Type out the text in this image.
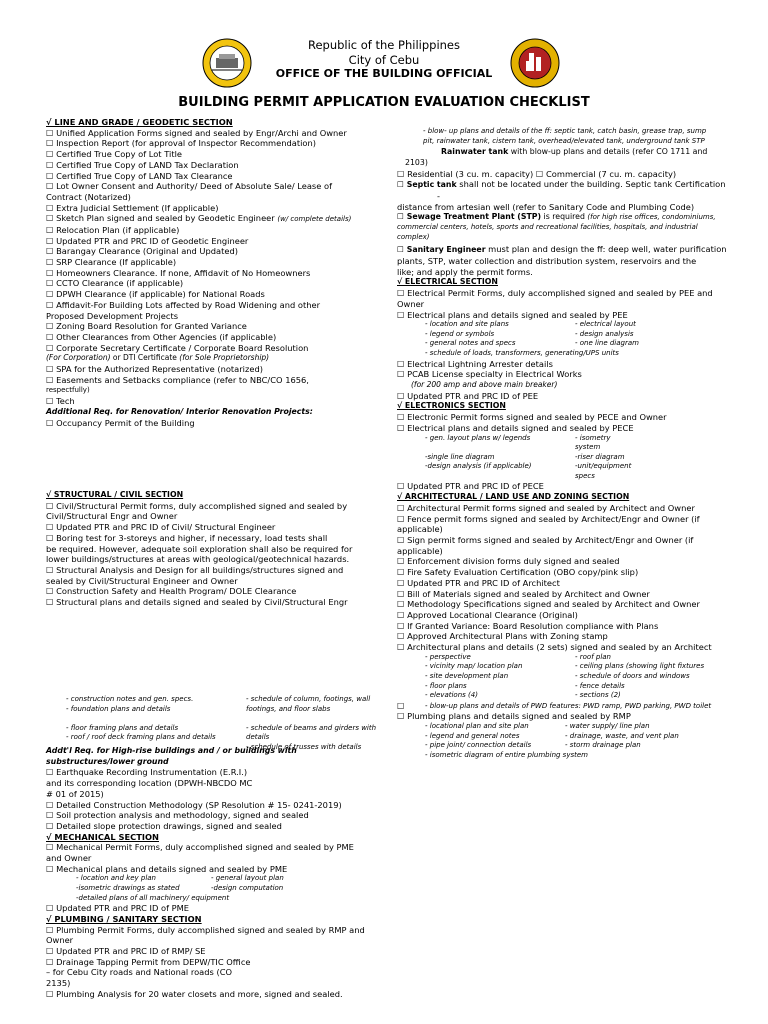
Republic of the Philippines
City of Cebu
OFFICE OF THE BUILDING OFFICIAL
BUILDING PERMIT APPLICATION EVALUATION CHECKLIST
√ LINE AND GRADE / GEODETIC SECTION
☐ Unified Application Forms signed and sealed by Engr/Archi and Owner
☐ Inspection Report (for approval of Inspector Recommendation)
☐ Certified True Copy of Lot Title
☐ Certified True Copy of LAND Tax Declaration
☐ Certified True Copy of LAND Tax Clearance
☐ Lot Owner Consent and Authority/ Deed of Absolute Sale/ Lease of
Contract (Notarized)
☐ Extra Judicial Settlement (If applicable)
☐ Sketch Plan signed and sealed by Geodetic Engineer (w/ complete details)
☐ Relocation Plan (if applicable)
☐ Updated PTR and PRC ID of Geodetic Engineer
☐ Barangay Clearance (Original and Updated)
☐ SRP Clearance (If applicable)
☐ Homeowners Clearance. If none, Affidavit of No Homeowners
☐ CCTO Clearance (if applicable)
☐ DPWH Clearance (if applicable) for National Roads
☐ Affidavit-For Building Lots affected by Road Widening and other
Proposed Development Projects
☐ Zoning Board Resolution for Granted Variance
☐ Other Clearances from Other Agencies (if applicable)
☐ Corporate Secretary Certificate / Corporate Board Resolution
(For Corporation) or DTI Certificate (for Sole Proprietorship)
☐ SPA for the Authorized Representative (notarized)
☐ Easements and Setbacks compliance (refer to NBC/CO 1656,
respectfully)
☐ Tech
Additional Req. for Renovation/ Interior Renovation Projects:
☐ Occupancy Permit of the Building
√ STRUCTURAL / CIVIL SECTION
☐ Civil/Structural Permit forms, duly accomplished signed and sealed by
Civil/Structural Engr and Owner
☐ Updated PTR and PRC ID of Civil/ Structural Engineer
☐ Boring test for 3-storeys and higher, if necessary, load tests shall
be required. However, adequate soil exploration shall also be required for
lower buildings/structures at areas with geological/geotechnical hazards.
☐ Structural Analysis and Design for all buildings/structures signed and
sealed by Civil/Structural Engineer and Owner
☐ Construction Safety and Health Program/ DOLE Clearance
☐ Structural plans and details signed and sealed by Civil/Structural Engr
- construction notes and gen. specs.
- foundation plans and details

- floor framing plans and details
- roof / roof deck framing plans and details
- schedule of column, footings, wall
footings, and floor slabs

- schedule of beams and girders with
details
- schedule of trusses with details
Addt'l Req. for High-rise buildings and / or buildings with
substructures/lower ground
☐ Earthquake Recording Instrumentation (E.R.I.)
and its corresponding location (DPWH-NBCDO MC
# 01 of 2015)
☐ Detailed Construction Methodology (SP Resolution # 15- 0241-2019)
☐ Soil protection analysis and methodology, signed and sealed
☐ Detailed slope protection drawings, signed and sealed
√ MECHANICAL SECTION
☐ Mechanical Permit Forms, duly accomplished signed and sealed by PME
and Owner
☐ Mechanical plans and details signed and sealed by PME
- location and key plan
-isometric drawings as stated
-detailed plans of all machinery/ equipment
- general layout plan
-design computation

☐ Updated PTR and PRC ID of PME
√ PLUMBING / SANITARY SECTION
☐ Plumbing Permit Forms, duly accomplished signed and sealed by RMP and
Owner
☐ Updated PTR and PRC ID of RMP/ SE
☐ Drainage Tapping Permit from DEPW/TIC Office
– for Cebu City roads and National roads (CO
2135)
☐ Plumbing Analysis for 20 water closets and more, signed and sealed.
- blow- up plans and details of the ff: septic tank, catch basin, grease trap, sump
pit, rainwater tank, cistern tank, overhead/elevated tank, underground tank STP
Rainwater tank with blow-up plans and details (refer CO 1711 and
2103)
☐ Residential (3 cu. m. capacity) ☐ Commercial (7 cu. m. capacity)
☐ Septic tank shall not be located under the building. Septic tank Certification
-
distance from artesian well (refer to Sanitary Code and Plumbing Code)
☐ Sewage Treatment Plant (STP) is required (for high rise offices, condominiums,
commercial centers, hotels, sports and recreational facilities, hospitals, and industrial
complex)
☐ Sanitary Engineer must plan and design the ff: deep well, water purification
plants, STP, water collection and distribution system, reservoirs and the
like; and apply the permit forms.
√ ELECTRICAL SECTION
☐ Electrical Permit Forms, duly accomplished signed and sealed by PEE and
Owner
☐ Electrical plans and details signed and sealed by PEE
- location and site plans
- legend or symbols
- general notes and specs
- schedule of loads, transformers, generating/UPS units
- electrical layout
- design analysis
- one line diagram

☐ Electrical Lightning Arrester details
☐ PCAB License specialty in Electrical Works
(for 200 amp and above main breaker)
☐ Updated PTR and PRC ID of PEE
√ ELECTRONICS SECTION
☐ Electronic Permit forms signed and sealed by PECE and Owner
☐ Electrical plans and details signed and sealed by PECE
- gen. layout plans w/ legends

-single line diagram
-design analysis (if applicable)

- isometry
system
-riser diagram
-unit/equipment
specs
☐ Updated PTR and PRC ID of PECE
√ ARCHITECTURAL / LAND USE AND ZONING SECTION
☐ Architectural Permit forms signed and sealed by Architect and Owner
☐ Fence permit forms signed and sealed by Architect/Engr and Owner (if
applicable)
☐ Sign permit forms signed and sealed by Architect/Engr and Owner (if
applicable)
☐ Enforcement division forms duly signed and sealed
☐ Fire Safety Evaluation Certification (OBO copy/pink slip)
☐ Updated PTR and PRC ID of Architect
☐ Bill of Materials signed and sealed by Architect and Owner
☐ Methodology Specifications signed and sealed by Architect and Owner
☐ Approved Locational Clearance (Original)
☐ If Granted Variance: Board Resolution compliance with Plans
☐ Approved Architectural Plans with Zoning stamp
☐ Architectural plans and details (2 sets) signed and sealed by an Architect
- perspective
- vicinity map/ location plan
- site development plan
- floor plans
- elevations (4)
- roof plan
- ceiling plans (showing light fixtures
- schedule of doors and windows
- fence details
- sections (2)
☐	- blow-up plans and details of PWD features: PWD ramp, PWD parking, PWD toilet
☐ Plumbing plans and details signed and sealed by RMP
- locational plan and site plan
- legend and general notes
- pipe joint/ connection details
- isometric diagram of entire plumbing system
- water supply/ line plan
- drainage, waste, and vent plan
- storm drainage plan
